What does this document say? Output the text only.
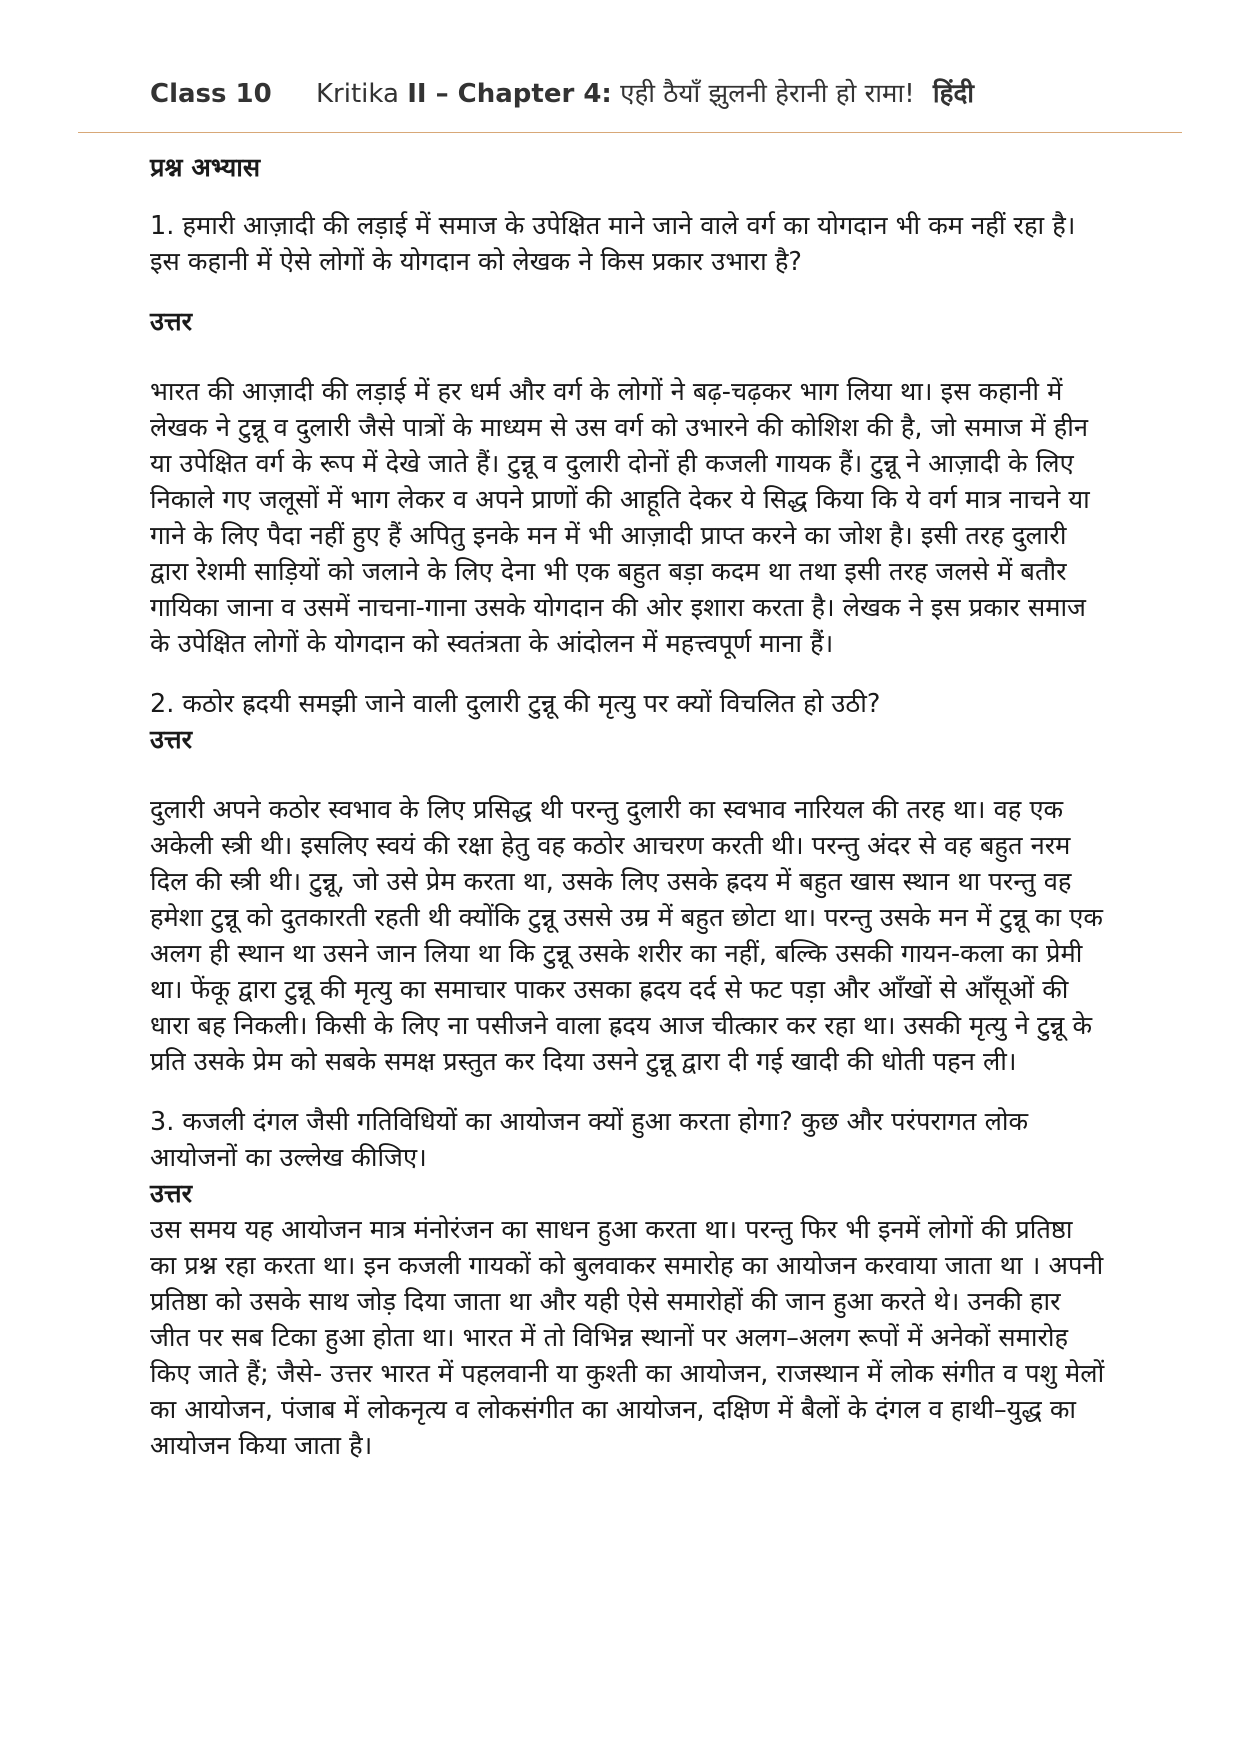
Class 10 Kritika II – Chapter 4: एही ठैयाँ झुलनी हेरानी हो रामा! हिंदी

प्रश्न अभ्यास

1. हमारी आज़ादी की लड़ाई में समाज के उपेक्षित माने जाने वाले वर्ग का योगदान भी कम नहीं रहा है। इस कहानी में ऐसे लोगों के योगदान को लेखक ने किस प्रकार उभारा है?

उत्तर

भारत की आज़ादी की लड़ाई में हर धर्म और वर्ग के लोगों ने बढ़-चढ़कर भाग लिया था। इस कहानी में लेखक ने टुन्नू व दुलारी जैसे पात्रों के माध्यम से उस वर्ग को उभारने की कोशिश की है, जो समाज में हीन या उपेक्षित वर्ग के रूप में देखे जाते हैं। टुन्नू व दुलारी दोनों ही कजली गायक हैं। टुन्नू ने आज़ादी के लिए निकाले गए जलूसों में भाग लेकर व अपने प्राणों की आहूति देकर ये सिद्ध किया कि ये वर्ग मात्र नाचने या गाने के लिए पैदा नहीं हुए हैं अपितु इनके मन में भी आज़ादी प्राप्त करने का जोश है। इसी तरह दुलारी द्वारा रेशमी साड़ियों को जलाने के लिए देना भी एक बहुत बड़ा कदम था तथा इसी तरह जलसे में बतौर गायिका जाना व उसमें नाचना-गाना उसके योगदान की ओर इशारा करता है। लेखक ने इस प्रकार समाज के उपेक्षित लोगों के योगदान को स्वतंत्रता के आंदोलन में महत्त्वपूर्ण माना हैं।

2. कठोर ह्रदयी समझी जाने वाली दुलारी टुन्नू की मृत्यु पर क्यों विचलित हो उठी?

उत्तर

दुलारी अपने कठोर स्वभाव के लिए प्रसिद्ध थी परन्तु दुलारी का स्वभाव नारियल की तरह था। वह एक अकेली स्त्री थी। इसलिए स्वयं की रक्षा हेतु वह कठोर आचरण करती थी। परन्तु अंदर से वह बहुत नरम दिल की स्त्री थी। टुन्नू, जो उसे प्रेम करता था, उसके लिए उसके ह्रदय में बहुत खास स्थान था परन्तु वह हमेशा टुन्नू को दुतकारती रहती थी क्योंकि टुन्नू उससे उम्र में बहुत छोटा था। परन्तु उसके मन में टुन्नू का एक अलग ही स्थान था उसने जान लिया था कि टुन्नू उसके शरीर का नहीं, बल्कि उसकी गायन-कला का प्रेमी था। फेंकू द्वारा टुन्नू की मृत्यु का समाचार पाकर उसका ह्रदय दर्द से फट पड़ा और आँखों से आँसूओं की धारा बह निकली। किसी के लिए ना पसीजने वाला ह्रदय आज चीत्कार कर रहा था। उसकी मृत्यु ने टुन्नू के प्रति उसके प्रेम को सबके समक्ष प्रस्तुत कर दिया उसने टुन्नू द्वारा दी गई खादी की धोती पहन ली।

3. कजली दंगल जैसी गतिविधियों का आयोजन क्यों हुआ करता होगा? कुछ और परंपरागत लोक आयोजनों का उल्लेख कीजिए।

उत्तर

उस समय यह आयोजन मात्र मंनोरंजन का साधन हुआ करता था। परन्तु फिर भी इनमें लोगों की प्रतिष्ठा का प्रश्न रहा करता था। इन कजली गायकों को बुलवाकर समारोह का आयोजन करवाया जाता था । अपनी प्रतिष्ठा को उसके साथ जोड़ दिया जाता था और यही ऐसे समारोहों की जान हुआ करते थे। उनकी हार जीत पर सब टिका हुआ होता था। भारत में तो विभिन्न स्थानों पर अलग–अलग रूपों में अनेकों समारोह किए जाते हैं; जैसे- उत्तर भारत में पहलवानी या कुश्ती का आयोजन, राजस्थान में लोक संगीत व पशु मेलों का आयोजन, पंजाब में लोकनृत्य व लोकसंगीत का आयोजन, दक्षिण में बैलों के दंगल व हाथी–युद्ध का आयोजन किया जाता है।
